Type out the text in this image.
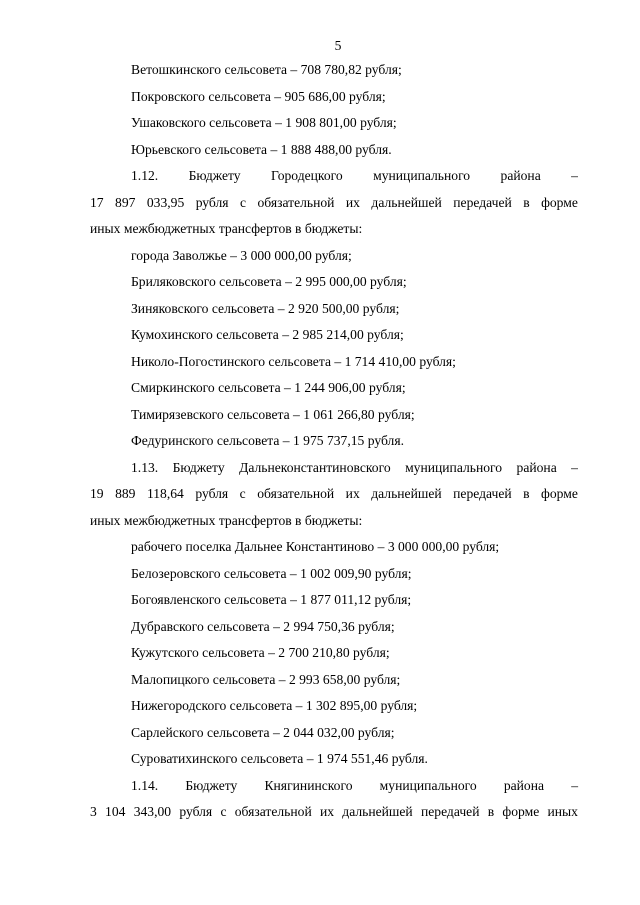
5
Ветошкинского сельсовета – 708 780,82 рубля;
Покровского сельсовета – 905 686,00 рубля;
Ушаковского сельсовета – 1 908 801,00 рубля;
Юрьевского сельсовета – 1 888 488,00 рубля.
1.12. Бюджету Городецкого муниципального района –
17 897 033,95 рубля с обязательной их дальнейшей передачей в форме
иных межбюджетных трансфертов в бюджеты:
города Заволжье – 3 000 000,00 рубля;
Бриляковского сельсовета – 2 995 000,00 рубля;
Зиняковского сельсовета – 2 920 500,00 рубля;
Кумохинского сельсовета – 2 985 214,00 рубля;
Николо-Погостинского сельсовета – 1 714 410,00 рубля;
Смиркинского сельсовета – 1 244 906,00 рубля;
Тимирязевского сельсовета – 1 061 266,80 рубля;
Федуринского сельсовета – 1 975 737,15 рубля.
1.13. Бюджету Дальнеконстантиновского муниципального района –
19 889 118,64 рубля с обязательной их дальнейшей передачей в форме
иных межбюджетных трансфертов в бюджеты:
рабочего поселка Дальнее Константиново – 3 000 000,00 рубля;
Белозеровского сельсовета – 1 002 009,90 рубля;
Богоявленского сельсовета – 1 877 011,12 рубля;
Дубравского сельсовета – 2 994 750,36 рубля;
Кужутского сельсовета – 2 700 210,80 рубля;
Малопицкого сельсовета – 2 993 658,00 рубля;
Нижегородского сельсовета – 1 302 895,00 рубля;
Сарлейского сельсовета – 2 044 032,00 рубля;
Суроватихинского сельсовета – 1 974 551,46 рубля.
1.14. Бюджету Княгининского муниципального района –
3 104 343,00 рубля с обязательной их дальнейшей передачей в форме иных
